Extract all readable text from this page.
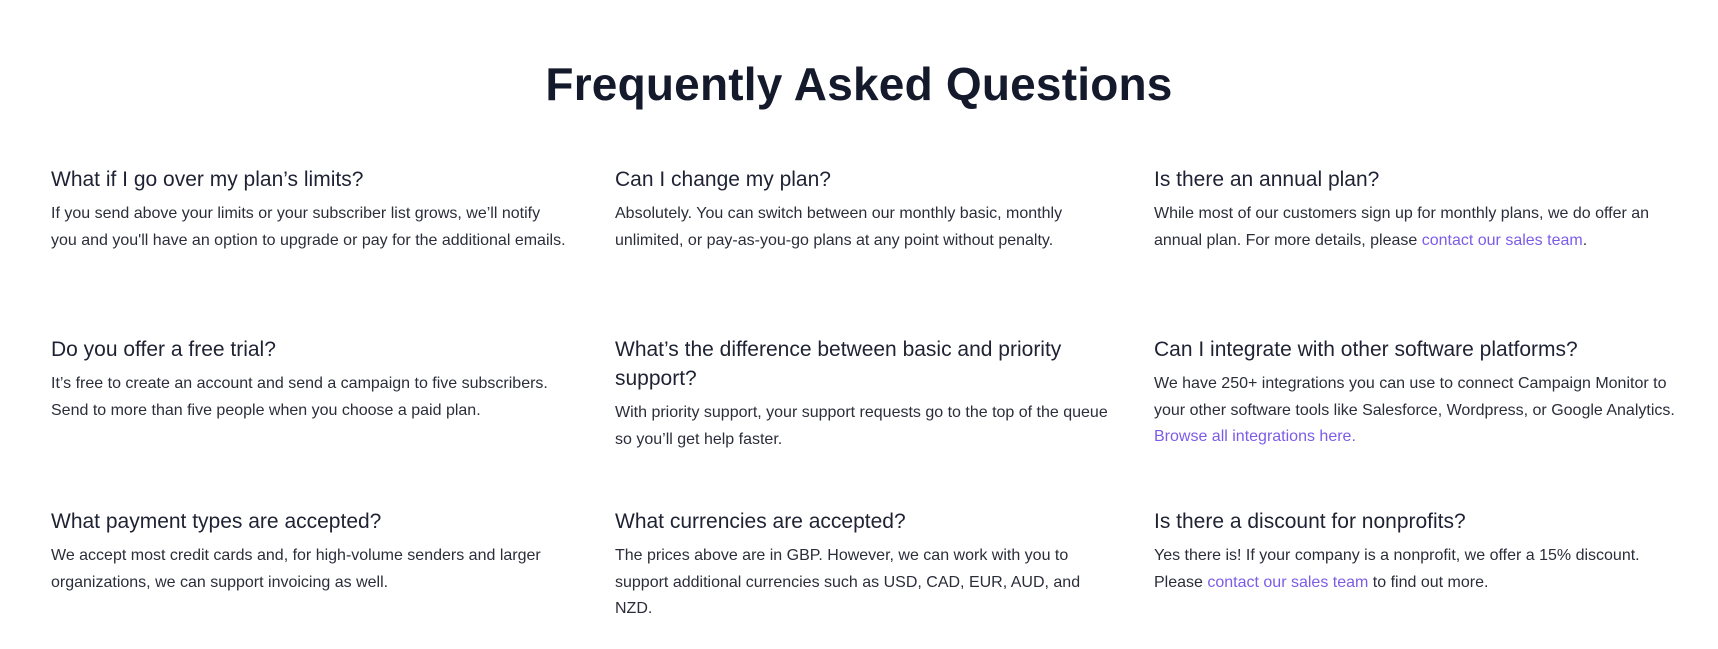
Frequently Asked Questions
What if I go over my plan’s limits?

If you send above your limits or your subscriber list grows, we’ll notify you and you'll have an option to upgrade or pay for the additional emails.

Can I change my plan?

Absolutely. You can switch between our monthly basic, monthly unlimited, or pay-as-you-go plans at any point without penalty.

Is there an annual plan?

While most of our customers sign up for monthly plans, we do offer an annual plan. For more details, please contact our sales team.

Do you offer a free trial?

It’s free to create an account and send a campaign to five subscribers. Send to more than five people when you choose a paid plan.

What’s the difference between basic and priority support?

With priority support, your support requests go to the top of the queue so you’ll get help faster.

Can I integrate with other software platforms?

We have 250+ integrations you can use to connect Campaign Monitor to your other software tools like Salesforce, Wordpress, or Google Analytics. Browse all integrations here.

What payment types are accepted?

We accept most credit cards and, for high-volume senders and larger organizations, we can support invoicing as well.

What currencies are accepted?

The prices above are in GBP. However, we can work with you to support additional currencies such as USD, CAD, EUR, AUD, and NZD.

Is there a discount for nonprofits?

Yes there is! If your company is a nonprofit, we offer a 15% discount. Please contact our sales team to find out more.
